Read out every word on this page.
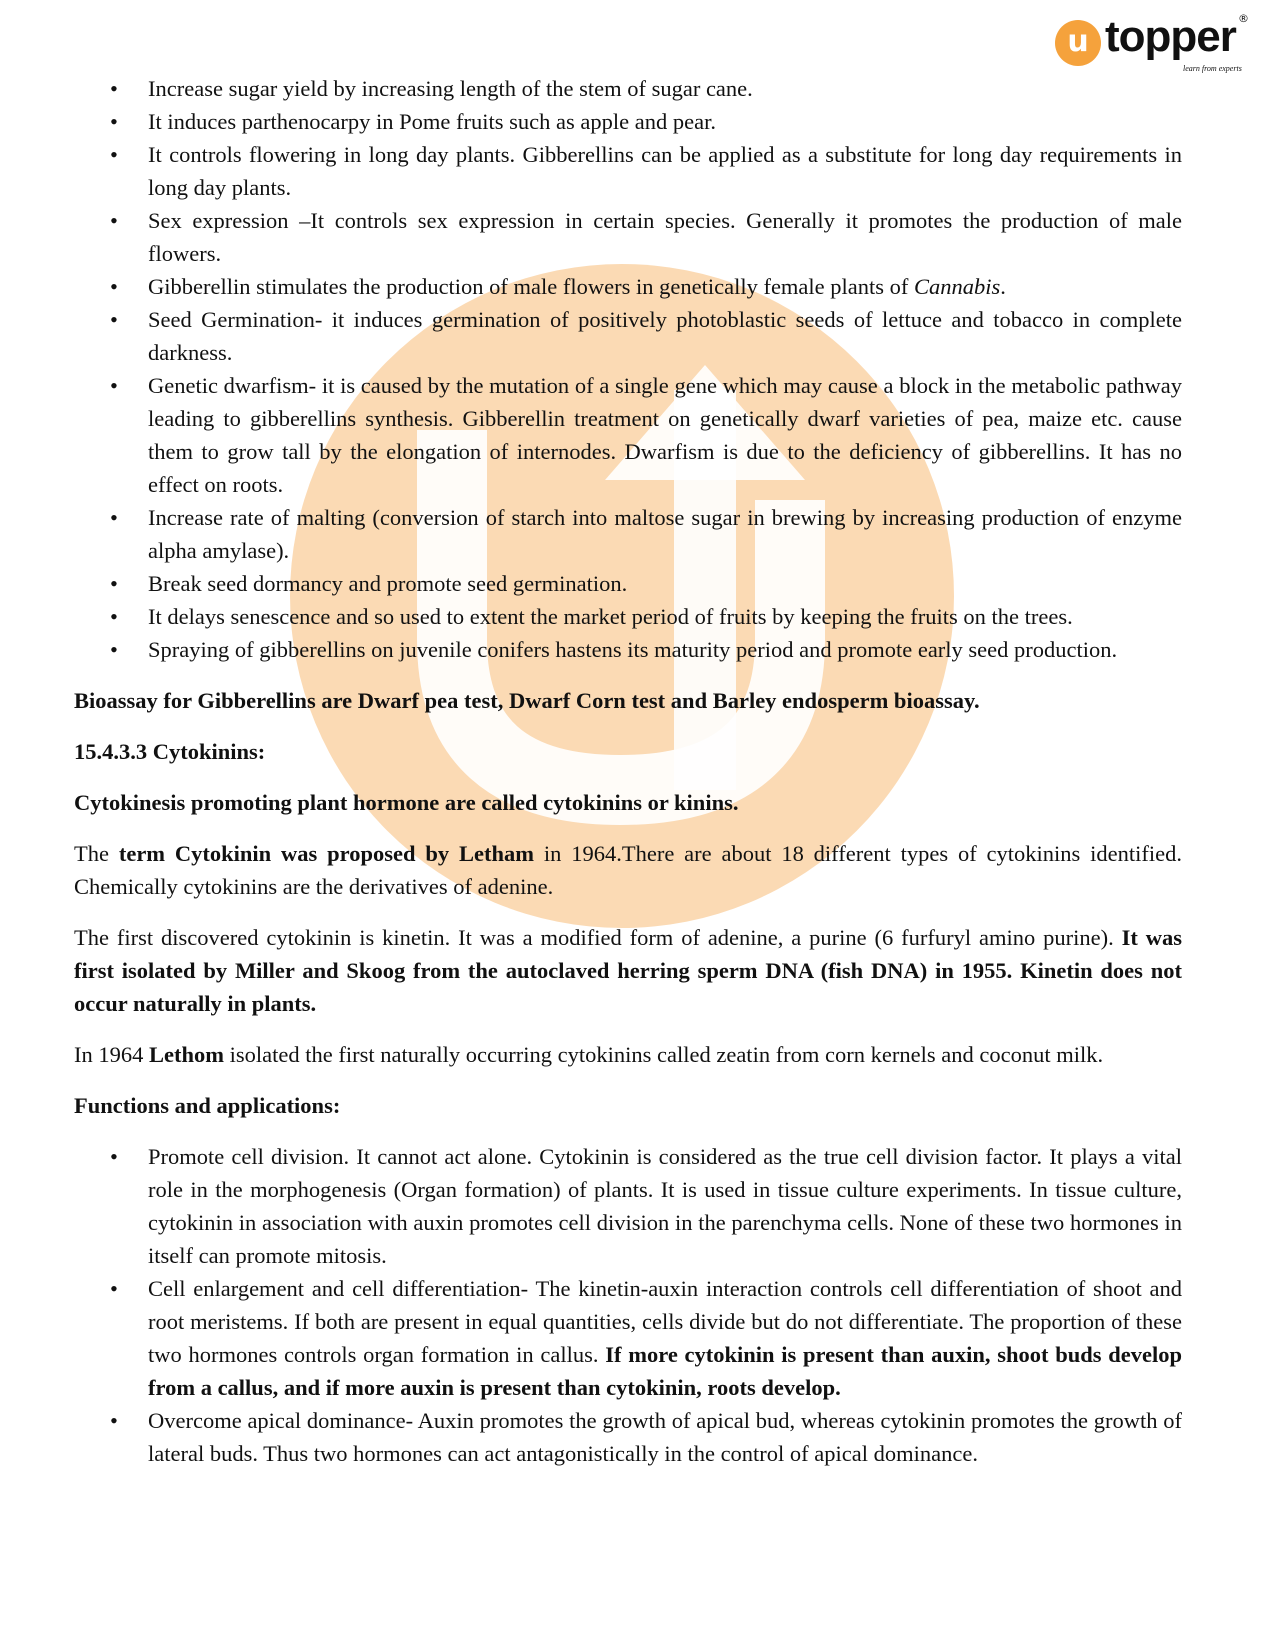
u topper ®
learn from experts
• Increase sugar yield by increasing length of the stem of sugar cane.
• It induces parthenocarpy in Pome fruits such as apple and pear.
• It controls flowering in long day plants. Gibberellins can be applied as a substitute for long day requirements in long day plants.
• Sex expression –It controls sex expression in certain species. Generally it promotes the production of male flowers.
• Gibberellin stimulates the production of male flowers in genetically female plants of Cannabis.
• Seed Germination- it induces germination of positively photoblastic seeds of lettuce and tobacco in complete darkness.
• Genetic dwarfism- it is caused by the mutation of a single gene which may cause a block in the metabolic pathway leading to gibberellins synthesis. Gibberellin treatment on genetically dwarf varieties of pea, maize etc. cause them to grow tall by the elongation of internodes. Dwarfism is due to the deficiency of gibberellins. It has no effect on roots.
• Increase rate of malting (conversion of starch into maltose sugar in brewing by increasing production of enzyme alpha amylase).
• Break seed dormancy and promote seed germination.
• It delays senescence and so used to extent the market period of fruits by keeping the fruits on the trees.
• Spraying of gibberellins on juvenile conifers hastens its maturity period and promote early seed production.

Bioassay for Gibberellins are Dwarf pea test, Dwarf Corn test and Barley endosperm bioassay.

15.4.3.3 Cytokinins:

Cytokinesis promoting plant hormone are called cytokinins or kinins.

The term Cytokinin was proposed by Letham in 1964.There are about 18 different types of cytokinins identified. Chemically cytokinins are the derivatives of adenine.

The first discovered cytokinin is kinetin. It was a modified form of adenine, a purine (6 furfuryl amino purine). It was first isolated by Miller and Skoog from the autoclaved herring sperm DNA (fish DNA) in 1955. Kinetin does not occur naturally in plants.

In 1964 Lethom isolated the first naturally occurring cytokinins called zeatin from corn kernels and coconut milk.

Functions and applications:

• Promote cell division. It cannot act alone. Cytokinin is considered as the true cell division factor. It plays a vital role in the morphogenesis (Organ formation) of plants. It is used in tissue culture experiments. In tissue culture, cytokinin in association with auxin promotes cell division in the parenchyma cells. None of these two hormones in itself can promote mitosis.
• Cell enlargement and cell differentiation- The kinetin-auxin interaction controls cell differentiation of shoot and root meristems. If both are present in equal quantities, cells divide but do not differentiate. The proportion of these two hormones controls organ formation in callus. If more cytokinin is present than auxin, shoot buds develop from a callus, and if more auxin is present than cytokinin, roots develop.
• Overcome apical dominance- Auxin promotes the growth of apical bud, whereas cytokinin promotes the growth of lateral buds. Thus two hormones can act antagonistically in the control of apical dominance.
